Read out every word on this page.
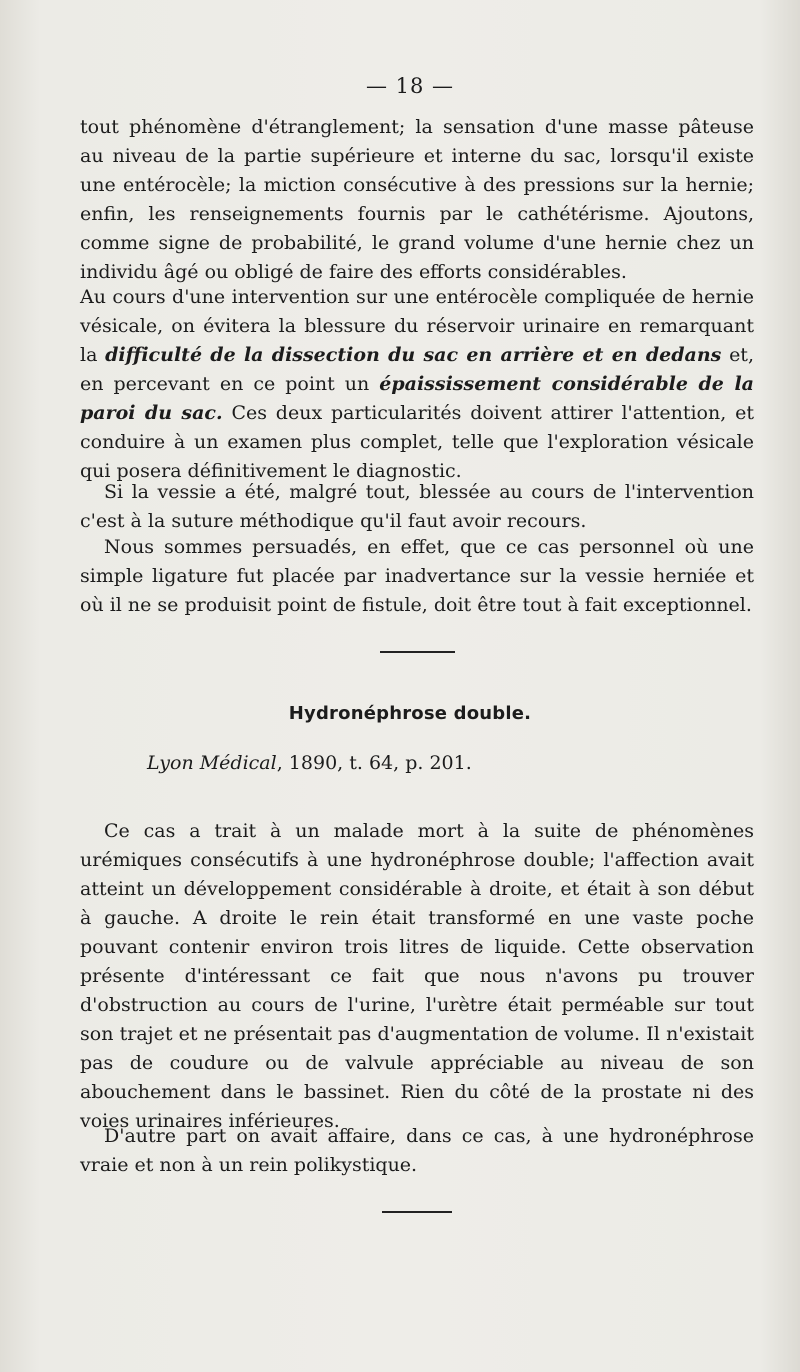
— 18 —

tout phénomène d'étranglement; la sensation d'une masse pâteuse au niveau de la partie supérieure et interne du sac, lorsqu'il existe une entérocèle; la miction consécutive à des pressions sur la hernie; enfin, les renseignements fournis par le cathétérisme. Ajoutons, comme signe de probabilité, le grand volume d'une hernie chez un individu âgé ou obligé de faire des efforts considérables.

Au cours d'une intervention sur une entérocèle compliquée de hernie vésicale, on évitera la blessure du réservoir urinaire en remarquant la difficulté de la dissection du sac en arrière et en dedans et, en percevant en ce point un épaississement considérable de la paroi du sac. Ces deux particularités doivent attirer l'attention, et conduire à un examen plus complet, telle que l'exploration vésicale qui posera définitivement le diagnostic.

Si la vessie a été, malgré tout, blessée au cours de l'intervention c'est à la suture méthodique qu'il faut avoir recours.

Nous sommes persuadés, en effet, que ce cas personnel où une simple ligature fut placée par inadvertance sur la vessie herniée et où il ne se produisit point de fistule, doit être tout à fait exceptionnel.

Hydronéphrose double.
Lyon Médical, 1890, t. 64, p. 201.

Ce cas a trait à un malade mort à la suite de phénomènes urémiques consécutifs à une hydronéphrose double; l'affection avait atteint un développement considérable à droite, et était à son début à gauche. A droite le rein était transformé en une vaste poche pouvant contenir environ trois litres de liquide. Cette observation présente d'intéressant ce fait que nous n'avons pu trouver d'obstruction au cours de l'urine, l'urètre était perméable sur tout son trajet et ne présentait pas d'augmentation de volume. Il n'existait pas de coudure ou de valvule appréciable au niveau de son abouchement dans le bassinet. Rien du côté de la prostate ni des voies urinaires inférieures.

D'autre part on avait affaire, dans ce cas, à une hydronéphrose vraie et non à un rein polikystique.
